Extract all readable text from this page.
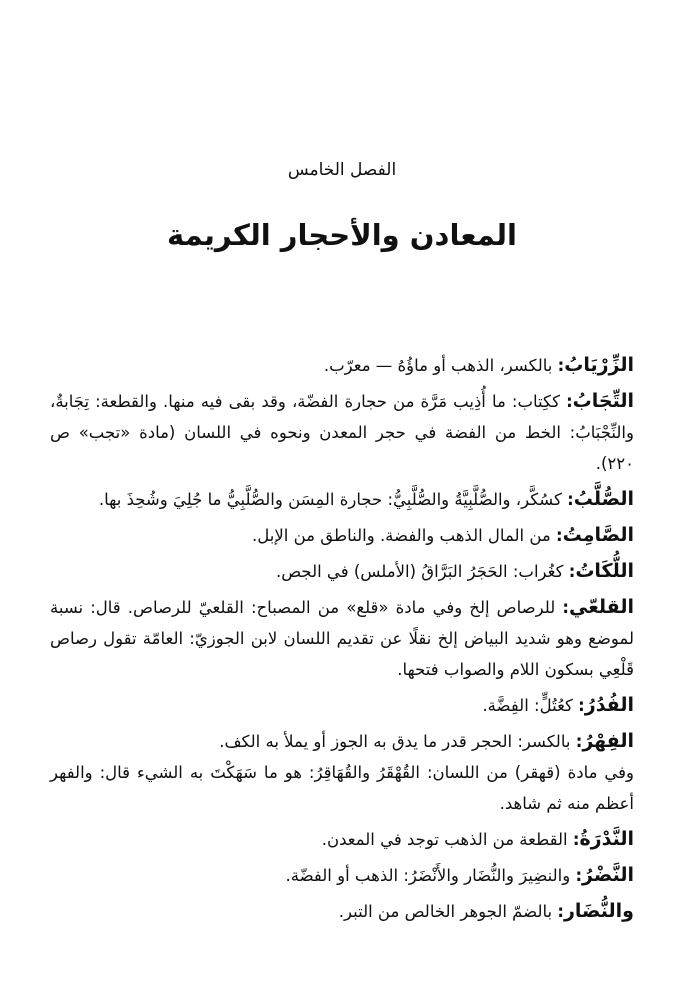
الفصل الخامس
المعادن والأحجار الكريمة

الزِّرْيَابُ: بالكسر، الذهب أو ماؤُهُ — معرّب.

التِّجَابُ: ككِتاب: ما أُذِيب مَرَّة من حجارة الفضّة، وقد بقى فيه منها. والقطعة: تِجَابةٌ، والنِّجْبَابُ: الخط من الفضة في حجر المعدن ونحوه في اللسان (مادة «تجب» ص ٢٢٠).

الصُّلَّبُ: كسُكَّر، والصُّلَّبِيَّةُ والصُّلَّبِيُّ: حجارة المِسَن والصُّلَّبِيُّ ما جُلِيَ وشُحِذَ بها.

الصَّامِتُ: من المال الذهب والفضة. والناطق من الإبل.

اللُّكَاتُ: كغُراب: الحَجَرُ البَرَّاقُ (الأملس) في الجص.

القلعّي: للرصاص إلخ وفي مادة «قلع» من المصباح: القلعيّ للرصاص. قال: نسبة لموضع وهو شديد البياض إلخ نقلًا عن تقديم اللسان لابن الجوزيّ: العامّة تقول رصاص قَلْعِي بسكون اللام والصواب فتحها.

الفُدُرُ: كعُتُلٍّ: الفِضَّة.

الفِهْرُ: بالكسر: الحجر قدر ما يدق به الجوز أو يملأ به الكف.
وفي مادة (قهقر) من اللسان: القُهْقَرُ والقُهَاقِرُ: هو ما سَهَكْتَ به الشيء قال: والفهر أعظم منه ثم شاهد.

النَّدْرَةُ: القطعة من الذهب توجد في المعدن.

النَّضْرُ: والنضِيرَ والنُّضَار والأَنْضَرُ: الذهب أو الفضّة.

والنُّضَار: بالضمّ الجوهر الخالص من التبر.
